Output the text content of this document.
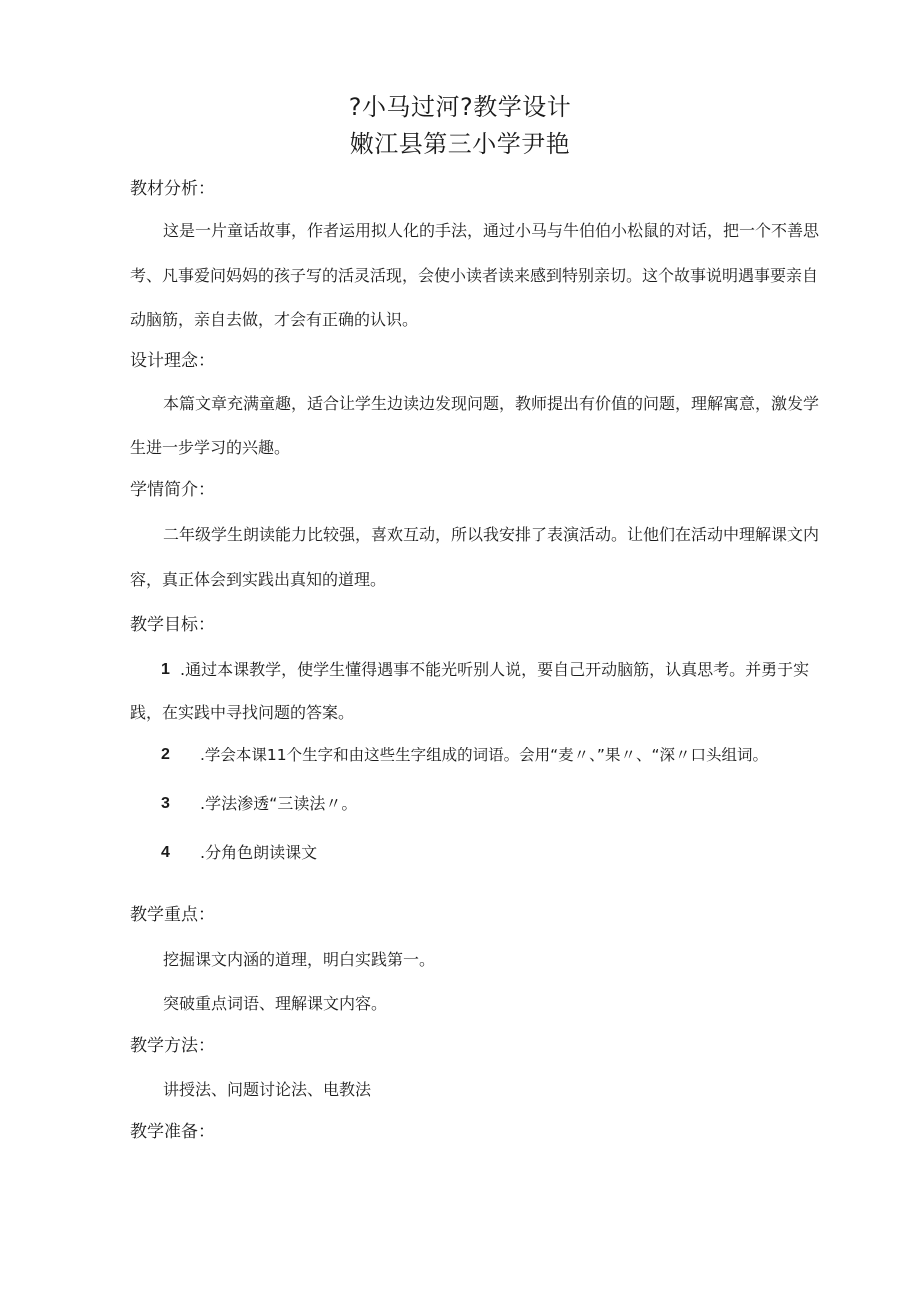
?小马过河?教学设计
嫩江县第三小学尹艳
教材分析：
这是一片童话故事，作者运用拟人化的手法，通过小马与牛伯伯小松鼠的对话，把一个不善思
考、凡事爱问妈妈的孩子写的活灵活现，会使小读者读来感到特别亲切。这个故事说明遇事要亲自
动脑筋，亲自去做，才会有正确的认识。
设计理念：
本篇文章充满童趣，适合让学生边读边发现问题，教师提出有价值的问题，理解寓意，激发学
生进一步学习的兴趣。
学情简介：
二年级学生朗读能力比较强，喜欢互动，所以我安排了表演活动。让他们在活动中理解课文内
容，真正体会到实践出真知的道理。
教学目标：
1 .通过本课教学，使学生懂得遇事不能光听别人说，要自己开动脑筋，认真思考。并勇于实
践，在实践中寻找问题的答案。
2 .学会本课11个生字和由这些生字组成的词语。会用“麦〃、”果〃、“深〃口头组词。
3 .学法渗透“三读法〃。
4 .分角色朗读课文
教学重点：
挖掘课文内涵的道理，明白实践第一。
突破重点词语、理解课文内容。
教学方法：
讲授法、问题讨论法、电教法
教学准备：
